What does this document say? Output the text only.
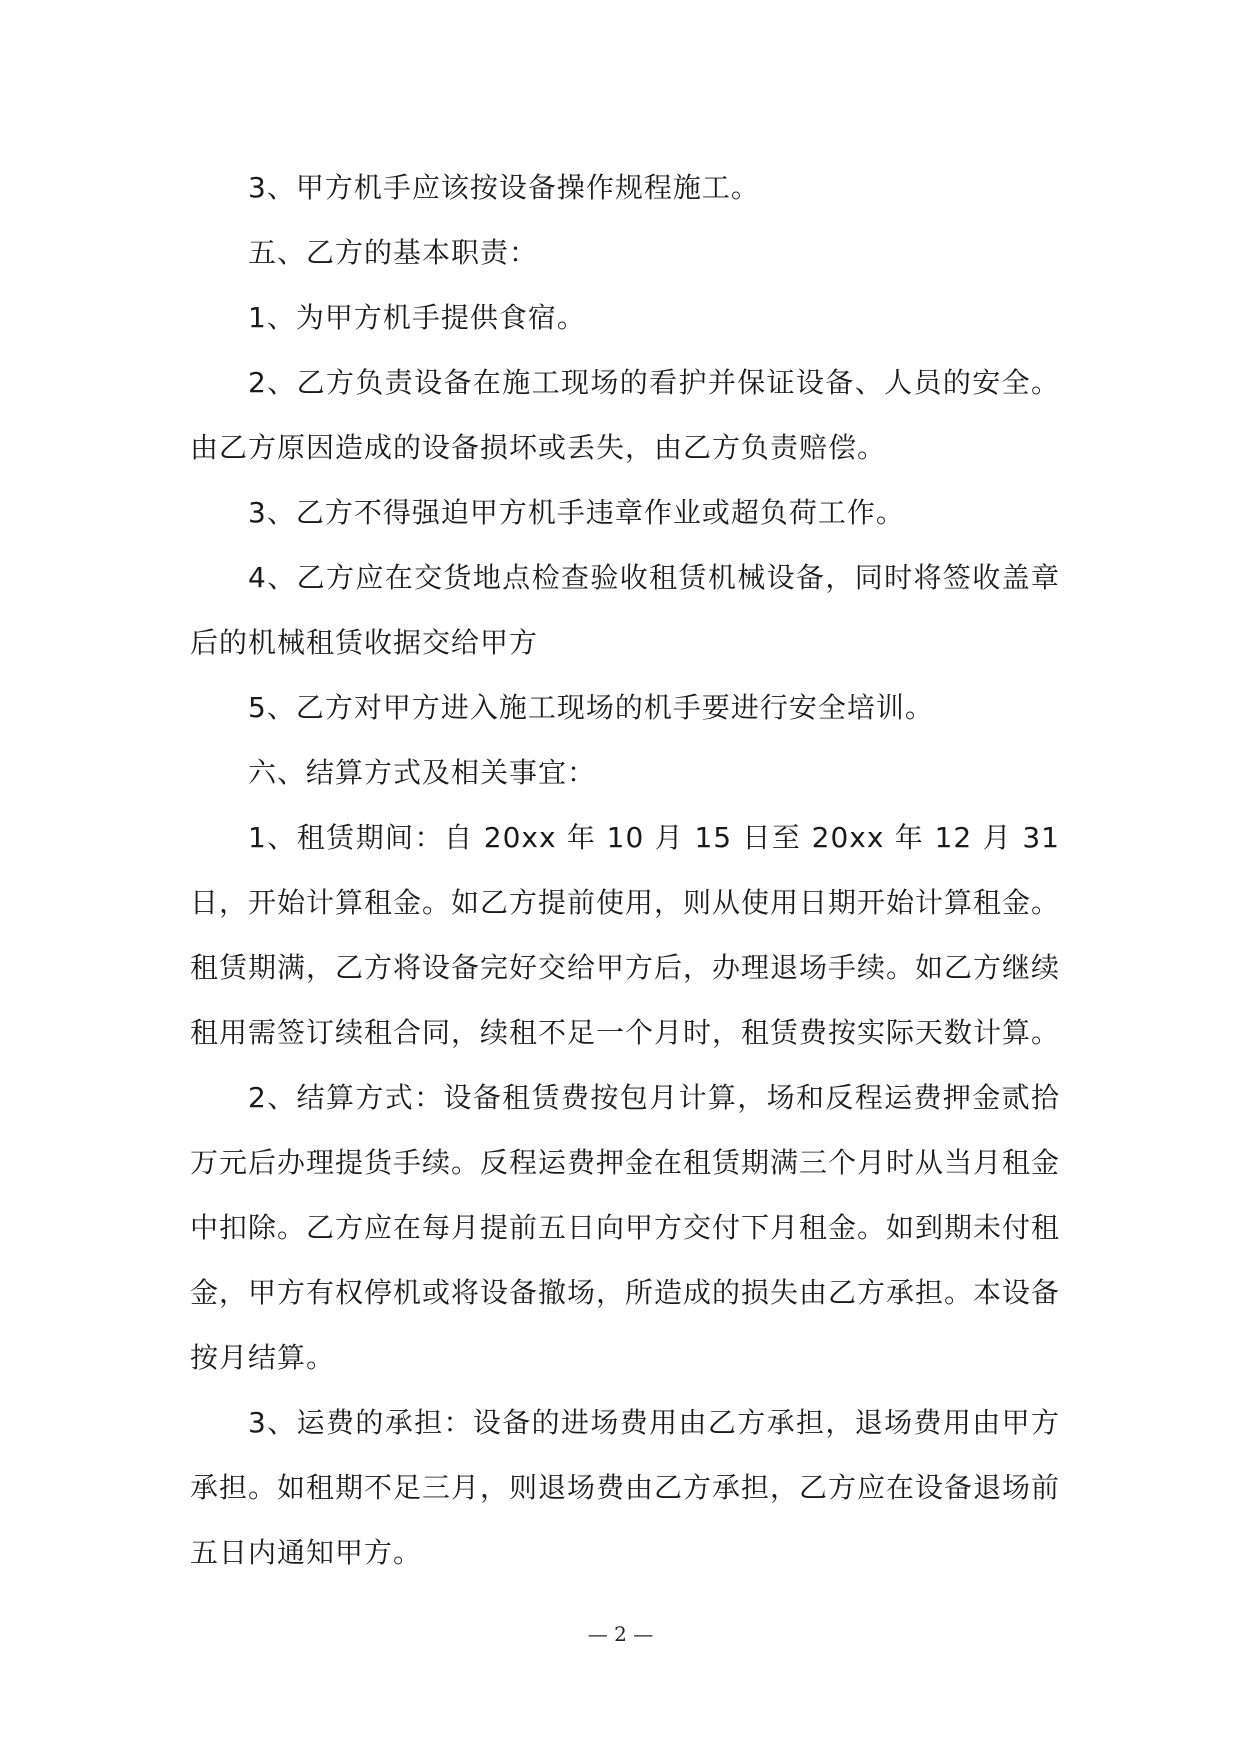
3、甲方机手应该按设备操作规程施工。

五、乙方的基本职责：

1、为甲方机手提供食宿。

2、乙方负责设备在施工现场的看护并保证设备、人员的安全。由乙方原因造成的设备损坏或丢失，由乙方负责赔偿。

3、乙方不得强迫甲方机手违章作业或超负荷工作。

4、乙方应在交货地点检查验收租赁机械设备，同时将签收盖章后的机械租赁收据交给甲方

5、乙方对甲方进入施工现场的机手要进行安全培训。

六、结算方式及相关事宜：

1、租赁期间：自 20xx 年 10 月 15 日至 20xx 年 12 月 31 日，开始计算租金。如乙方提前使用，则从使用日期开始计算租金。租赁期满，乙方将设备完好交给甲方后，办理退场手续。如乙方继续租用需签订续租合同，续租不足一个月时，租赁费按实际天数计算。

2、结算方式：设备租赁费按包月计算，场和反程运费押金贰拾万元后办理提货手续。反程运费押金在租赁期满三个月时从当月租金中扣除。乙方应在每月提前五日向甲方交付下月租金。如到期未付租金，甲方有权停机或将设备撤场，所造成的损失由乙方承担。本设备按月结算。

3、运费的承担：设备的进场费用由乙方承担，退场费用由甲方承担。如租期不足三月，则退场费由乙方承担，乙方应在设备退场前五日内通知甲方。

— 2 —
